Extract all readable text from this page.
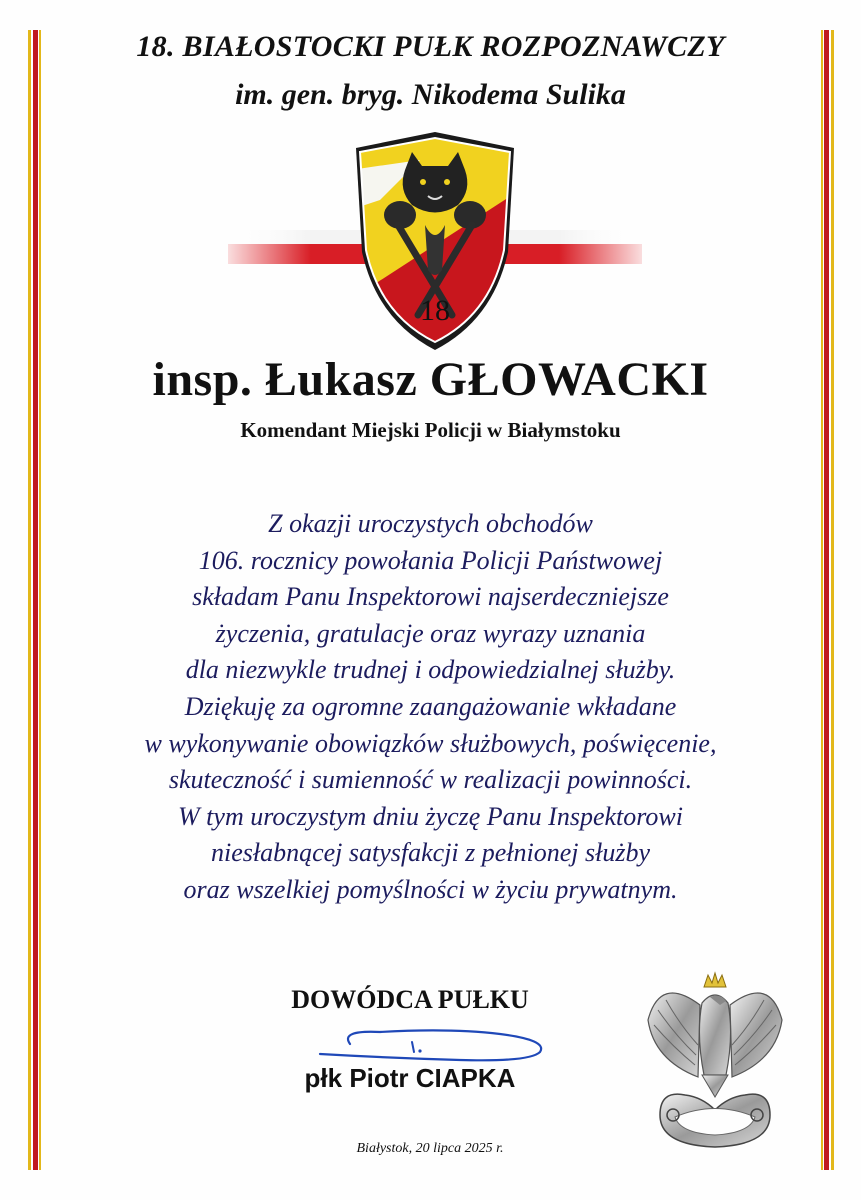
18. BIAŁOSTOCKI PUŁK ROZPOZNAWCZY
im. gen. bryg. Nikodema Sulika
18
insp. Łukasz GŁOWACKI
Komendant Miejski Policji w Białymstoku
Z okazji uroczystych obchodów
106. rocznicy powołania Policji Państwowej
składam Panu Inspektorowi najserdeczniejsze
życzenia, gratulacje oraz wyrazy uznania
dla niezwykle trudnej i odpowiedzialnej służby.
Dziękuję za ogromne zaangażowanie wkładane
w wykonywanie obowiązków służbowych, poświęcenie,
skuteczność i sumienność w realizacji powinności.
W tym uroczystym dniu życzę Panu Inspektorowi
niesłabnącej satysfakcji z pełnionej służby
oraz wszelkiej pomyślności w życiu prywatnym.
DOWÓDCA PUŁKU
płk Piotr CIAPKA
Białystok, 20 lipca 2025 r.
